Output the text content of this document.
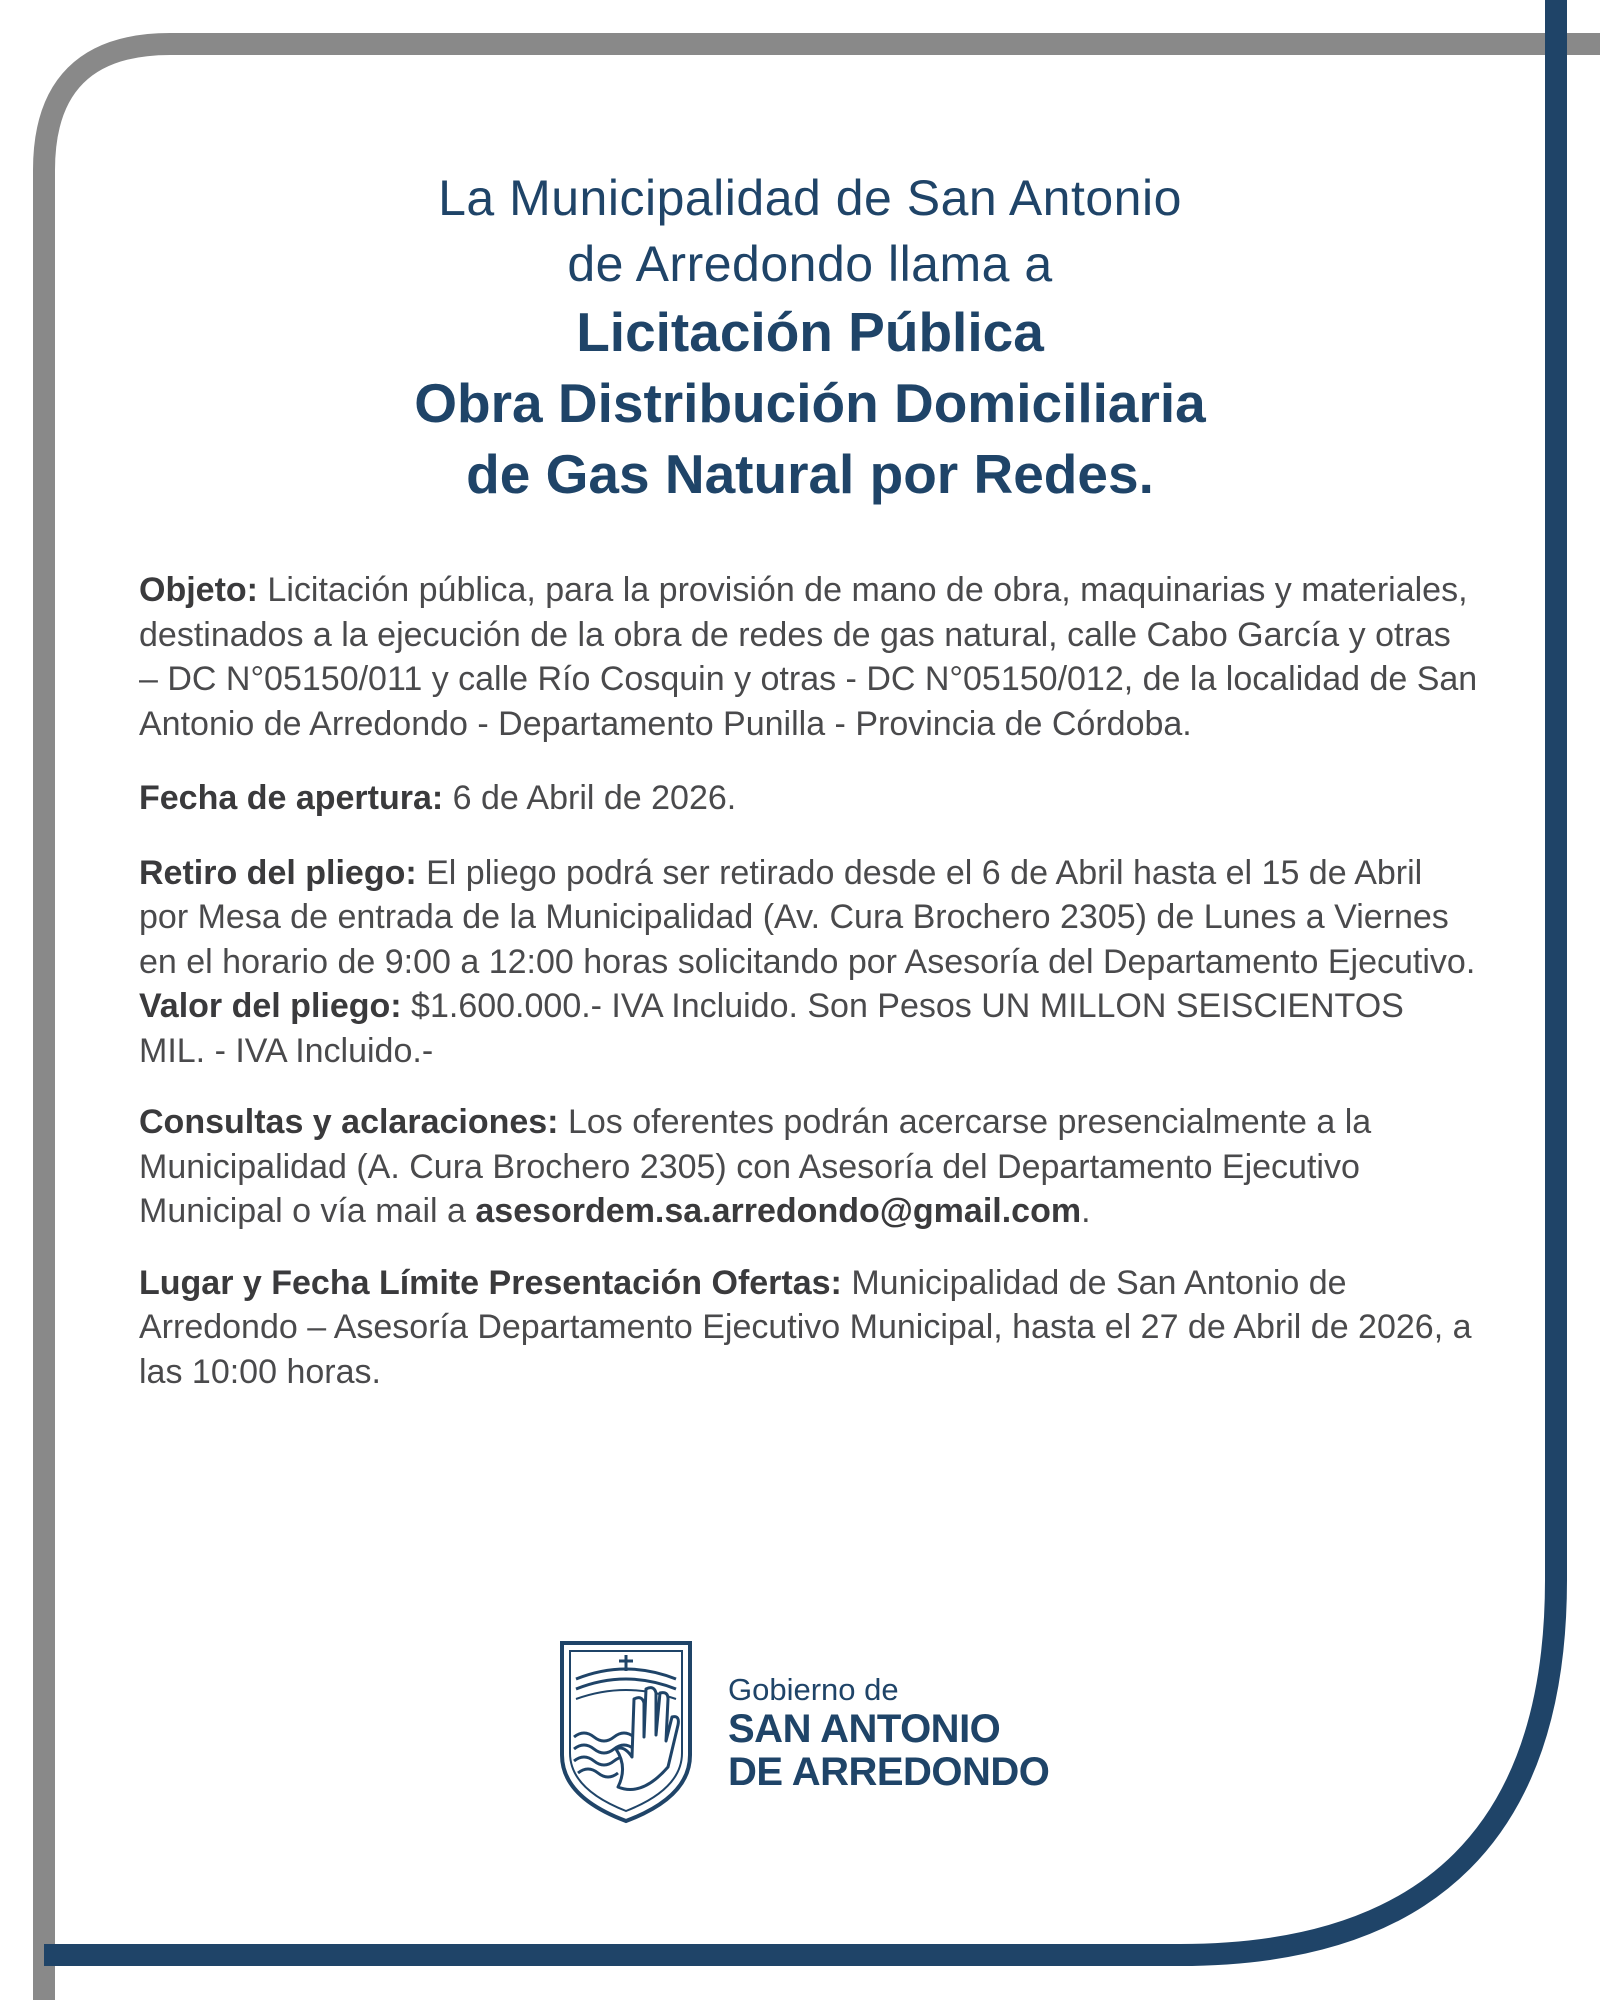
La Municipalidad de San Antonio
de Arredondo llama a
Licitación Pública
Obra Distribución Domiciliaria
de Gas Natural por Redes.

Objeto: Licitación pública, para la provisión de mano de obra, maquinarias y materiales, destinados a la ejecución de la obra de redes de gas natural, calle Cabo García y otras – DC N°05150/011 y calle Río Cosquin y otras - DC N°05150/012, de la localidad de San Antonio de Arredondo - Departamento Punilla - Provincia de Córdoba.

Fecha de apertura: 6 de Abril de 2026.

Retiro del pliego: El pliego podrá ser retirado desde el 6 de Abril hasta el 15 de Abril por Mesa de entrada de la Municipalidad (Av. Cura Brochero 2305) de Lunes a Viernes en el horario de 9:00 a 12:00 horas solicitando por Asesoría del Departamento Ejecutivo.

Valor del pliego: $1.600.000.- IVA Incluido. Son Pesos UN MILLON SEISCIENTOS MIL. - IVA Incluido.-

Consultas y aclaraciones: Los oferentes podrán acercarse presencialmente a la Municipalidad (A. Cura Brochero 2305) con Asesoría del Departamento Ejecutivo Municipal o vía mail a asesordem.sa.arredondo@gmail.com.

Lugar y Fecha Límite Presentación Ofertas: Municipalidad de San Antonio de Arredondo – Asesoría Departamento Ejecutivo Municipal, hasta el 27 de Abril de 2026, a las 10:00 horas.

Gobierno de
SAN ANTONIO
DE ARREDONDO
